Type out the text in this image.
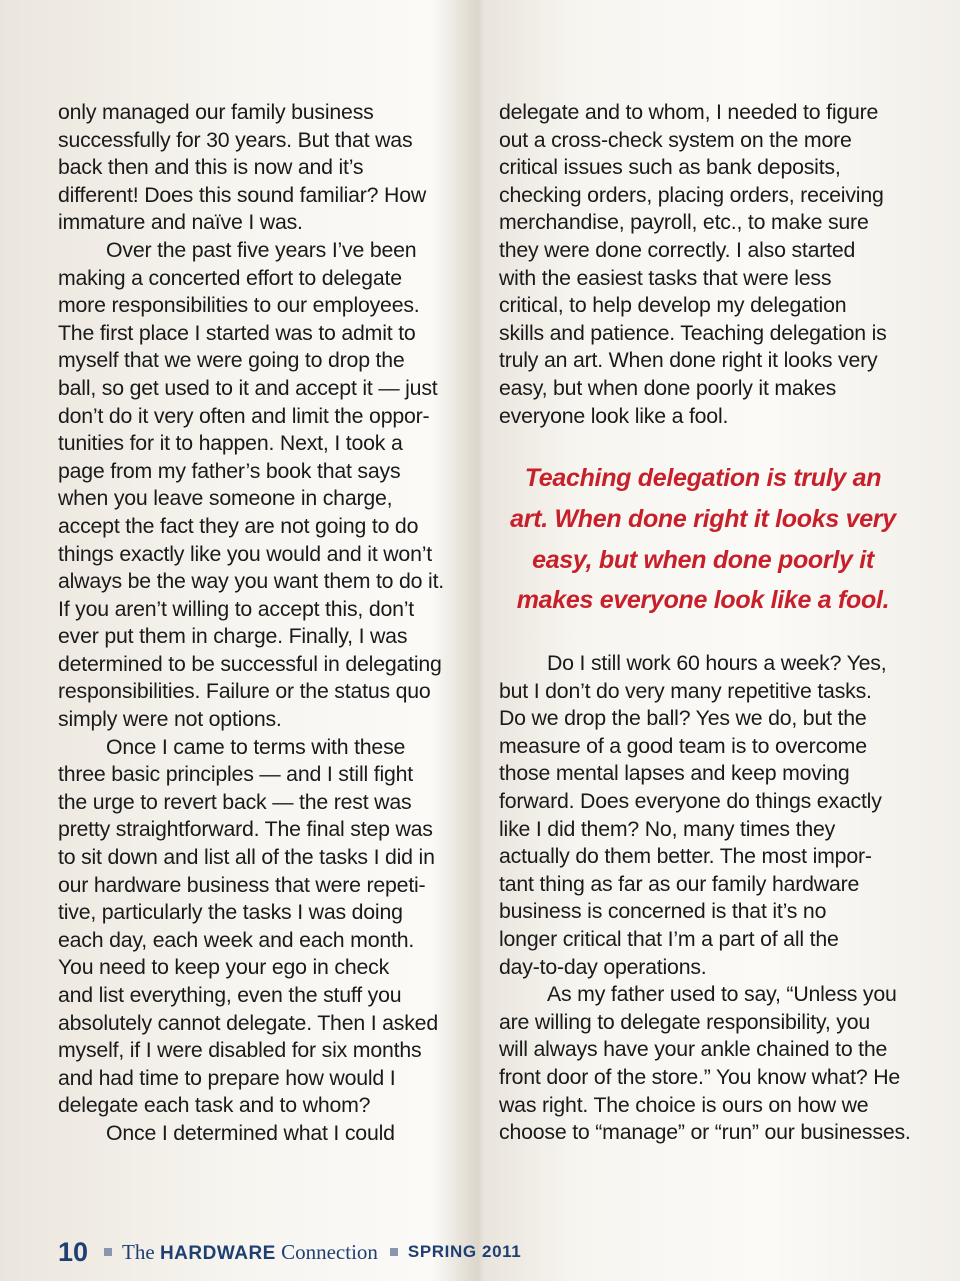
only managed our family business
successfully for 30 years. But that was
back then and this is now and it’s
different! Does this sound familiar? How
immature and naïve I was.
Over the past five years I’ve been
making a concerted effort to delegate
more responsibilities to our employees.
The first place I started was to admit to
myself that we were going to drop the
ball, so get used to it and accept it — just
don’t do it very often and limit the oppor-
tunities for it to happen. Next, I took a
page from my father’s book that says
when you leave someone in charge,
accept the fact they are not going to do
things exactly like you would and it won’t
always be the way you want them to do it.
If you aren’t willing to accept this, don’t
ever put them in charge. Finally, I was
determined to be successful in delegating
responsibilities. Failure or the status quo
simply were not options.
Once I came to terms with these
three basic principles — and I still fight
the urge to revert back — the rest was
pretty straightforward. The final step was
to sit down and list all of the tasks I did in
our hardware business that were repeti-
tive, particularly the tasks I was doing
each day, each week and each month.
You need to keep your ego in check
and list everything, even the stuff you
absolutely cannot delegate. Then I asked
myself, if I were disabled for six months
and had time to prepare how would I
delegate each task and to whom?
Once I determined what I could
delegate and to whom, I needed to figure
out a cross-check system on the more
critical issues such as bank deposits,
checking orders, placing orders, receiving
merchandise, payroll, etc., to make sure
they were done correctly. I also started
with the easiest tasks that were less
critical, to help develop my delegation
skills and patience. Teaching delegation is
truly an art. When done right it looks very
easy, but when done poorly it makes
everyone look like a fool.
Teaching delegation is truly an
art. When done right it looks very
easy, but when done poorly it
makes everyone look like a fool.
Do I still work 60 hours a week? Yes,
but I don’t do very many repetitive tasks.
Do we drop the ball? Yes we do, but the
measure of a good team is to overcome
those mental lapses and keep moving
forward. Does everyone do things exactly
like I did them? No, many times they
actually do them better. The most impor-
tant thing as far as our family hardware
business is concerned is that it’s no
longer critical that I’m a part of all the
day-to-day operations.
As my father used to say, “Unless you
are willing to delegate responsibility, you
will always have your ankle chained to the
front door of the store.” You know what? He
was right. The choice is ours on how we
choose to “manage” or “run” our businesses.
10 The HARDWARE Connection SPRING 2011
